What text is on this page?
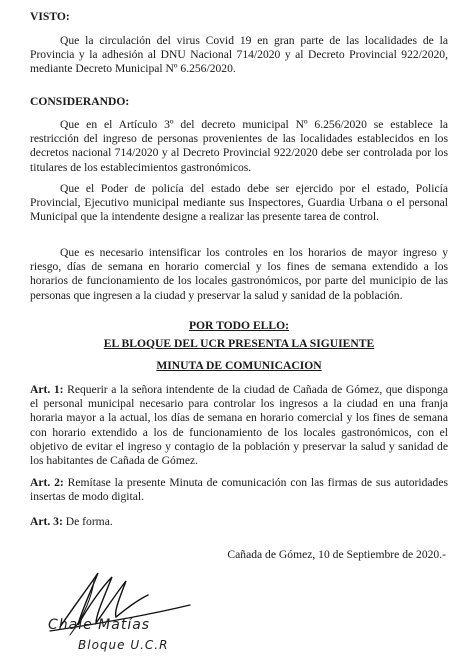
VISTO:
Que la circulación del virus Covid 19 en gran parte de las localidades de la Provincia y la adhesión al DNU Nacional 714/2020 y al Decreto Provincial 922/2020, mediante Decreto Municipal Nº 6.256/2020.
CONSIDERANDO:
Que en el Artículo 3º del decreto municipal Nº 6.256/2020 se establece la restricción del ingreso de personas provenientes de las localidades establecidos en los decretos nacional 714/2020 y al Decreto Provincial 922/2020 debe ser controlada por los titulares de los establecimientos gastronómicos.
Que el Poder de policía del estado debe ser ejercido por el estado, Policía Provincial, Ejecutivo municipal mediante sus Inspectores, Guardia Urbana o el personal Municipal que la intendente designe a realizar las presente tarea de control.
Que es necesario intensificar los controles en los horarios de mayor ingreso y riesgo, días de semana en horario comercial y los fines de semana extendido a los horarios de funcionamiento de los locales gastronómicos, por parte del municipio de las personas que ingresen a la ciudad y preservar la salud y sanidad de la población.
POR TODO ELLO:
EL BLOQUE DEL UCR PRESENTA LA SIGUIENTE
MINUTA DE COMUNICACION
Art. 1: Requerir a la señora intendente de la ciudad de Cañada de Gómez, que disponga el personal municipal necesario para controlar los ingresos a la ciudad en una franja horaria mayor a la actual, los días de semana en horario comercial y los fines de semana con horario extendido a los de funcionamiento de los locales gastronómicos, con el objetivo de evitar el ingreso y contagio de la población y preservar la salud y sanidad de los habitantes de Cañada de Gómez.
Art. 2: Remítase la presente Minuta de comunicación con las firmas de sus autoridades insertas de modo digital.
Art. 3: De forma.
Cañada de Gómez, 10 de Septiembre de 2020.-
Chale Matías
Bloque U.C.R
